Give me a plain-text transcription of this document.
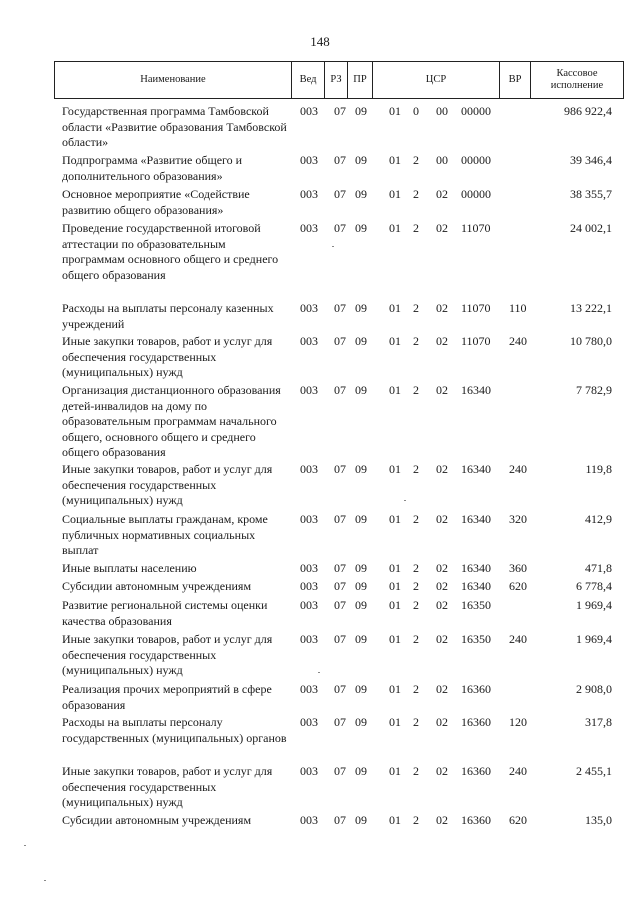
148
Наименование	Вед	РЗ	ПР	ЦСР	ВР
Кассовое
исполнение
Государственная программа Тамбовской области «Развитие образования Тамбовской области»
003 07 09 01 0 00 00000	986 922,4
Подпрограмма «Развитие общего и дополнительного образования»
003 07 09 01 2 00 00000	39 346,4
Основное мероприятие «Содействие развитию общего образования»
003 07 09 01 2 02 00000	38 355,7
Проведение государственной итоговой аттестации по образовательным программам основного общего и среднего общего образования
003 07 09 01 2 02 11070	24 002,1
Расходы на выплаты персоналу казенных учреждений
003 07 09 01 2 02 11070 110	13 222,1
Иные закупки товаров, работ и услуг для обеспечения государственных (муниципальных) нужд
003 07 09 01 2 02 11070 240	10 780,0
Организация дистанционного образования детей-инвалидов на дому по образовательным программам начального общего, основного общего и среднего общего образования
003 07 09 01 2 02 16340	7 782,9
Иные закупки товаров, работ и услуг для обеспечения государственных (муниципальных) нужд
003 07 09 01 2 02 16340 240	119,8
Социальные выплаты гражданам, кроме публичных нормативных социальных выплат
003 07 09 01 2 02 16340 320	412,9
Иные выплаты населению	003 07 09 01 2 02 16340 360	471,8
Субсидии автономным учреждениям	003 07 09 01 2 02 16340 620	6 778,4
Развитие региональной системы оценки качества образования
003 07 09 01 2 02 16350	1 969,4
Иные закупки товаров, работ и услуг для обеспечения государственных (муниципальных) нужд
003 07 09 01 2 02 16350 240	1 969,4
Реализация прочих мероприятий в сфере образования
003 07 09 01 2 02 16360	2 908,0
Расходы на выплаты персоналу государственных (муниципальных) органов
003 07 09 01 2 02 16360 120	317,8
Иные закупки товаров, работ и услуг для обеспечения государственных (муниципальных) нужд
003 07 09 01 2 02 16360 240	2 455,1
Субсидии автономным учреждениям	003 07 09 01 2 02 16360 620	135,0
